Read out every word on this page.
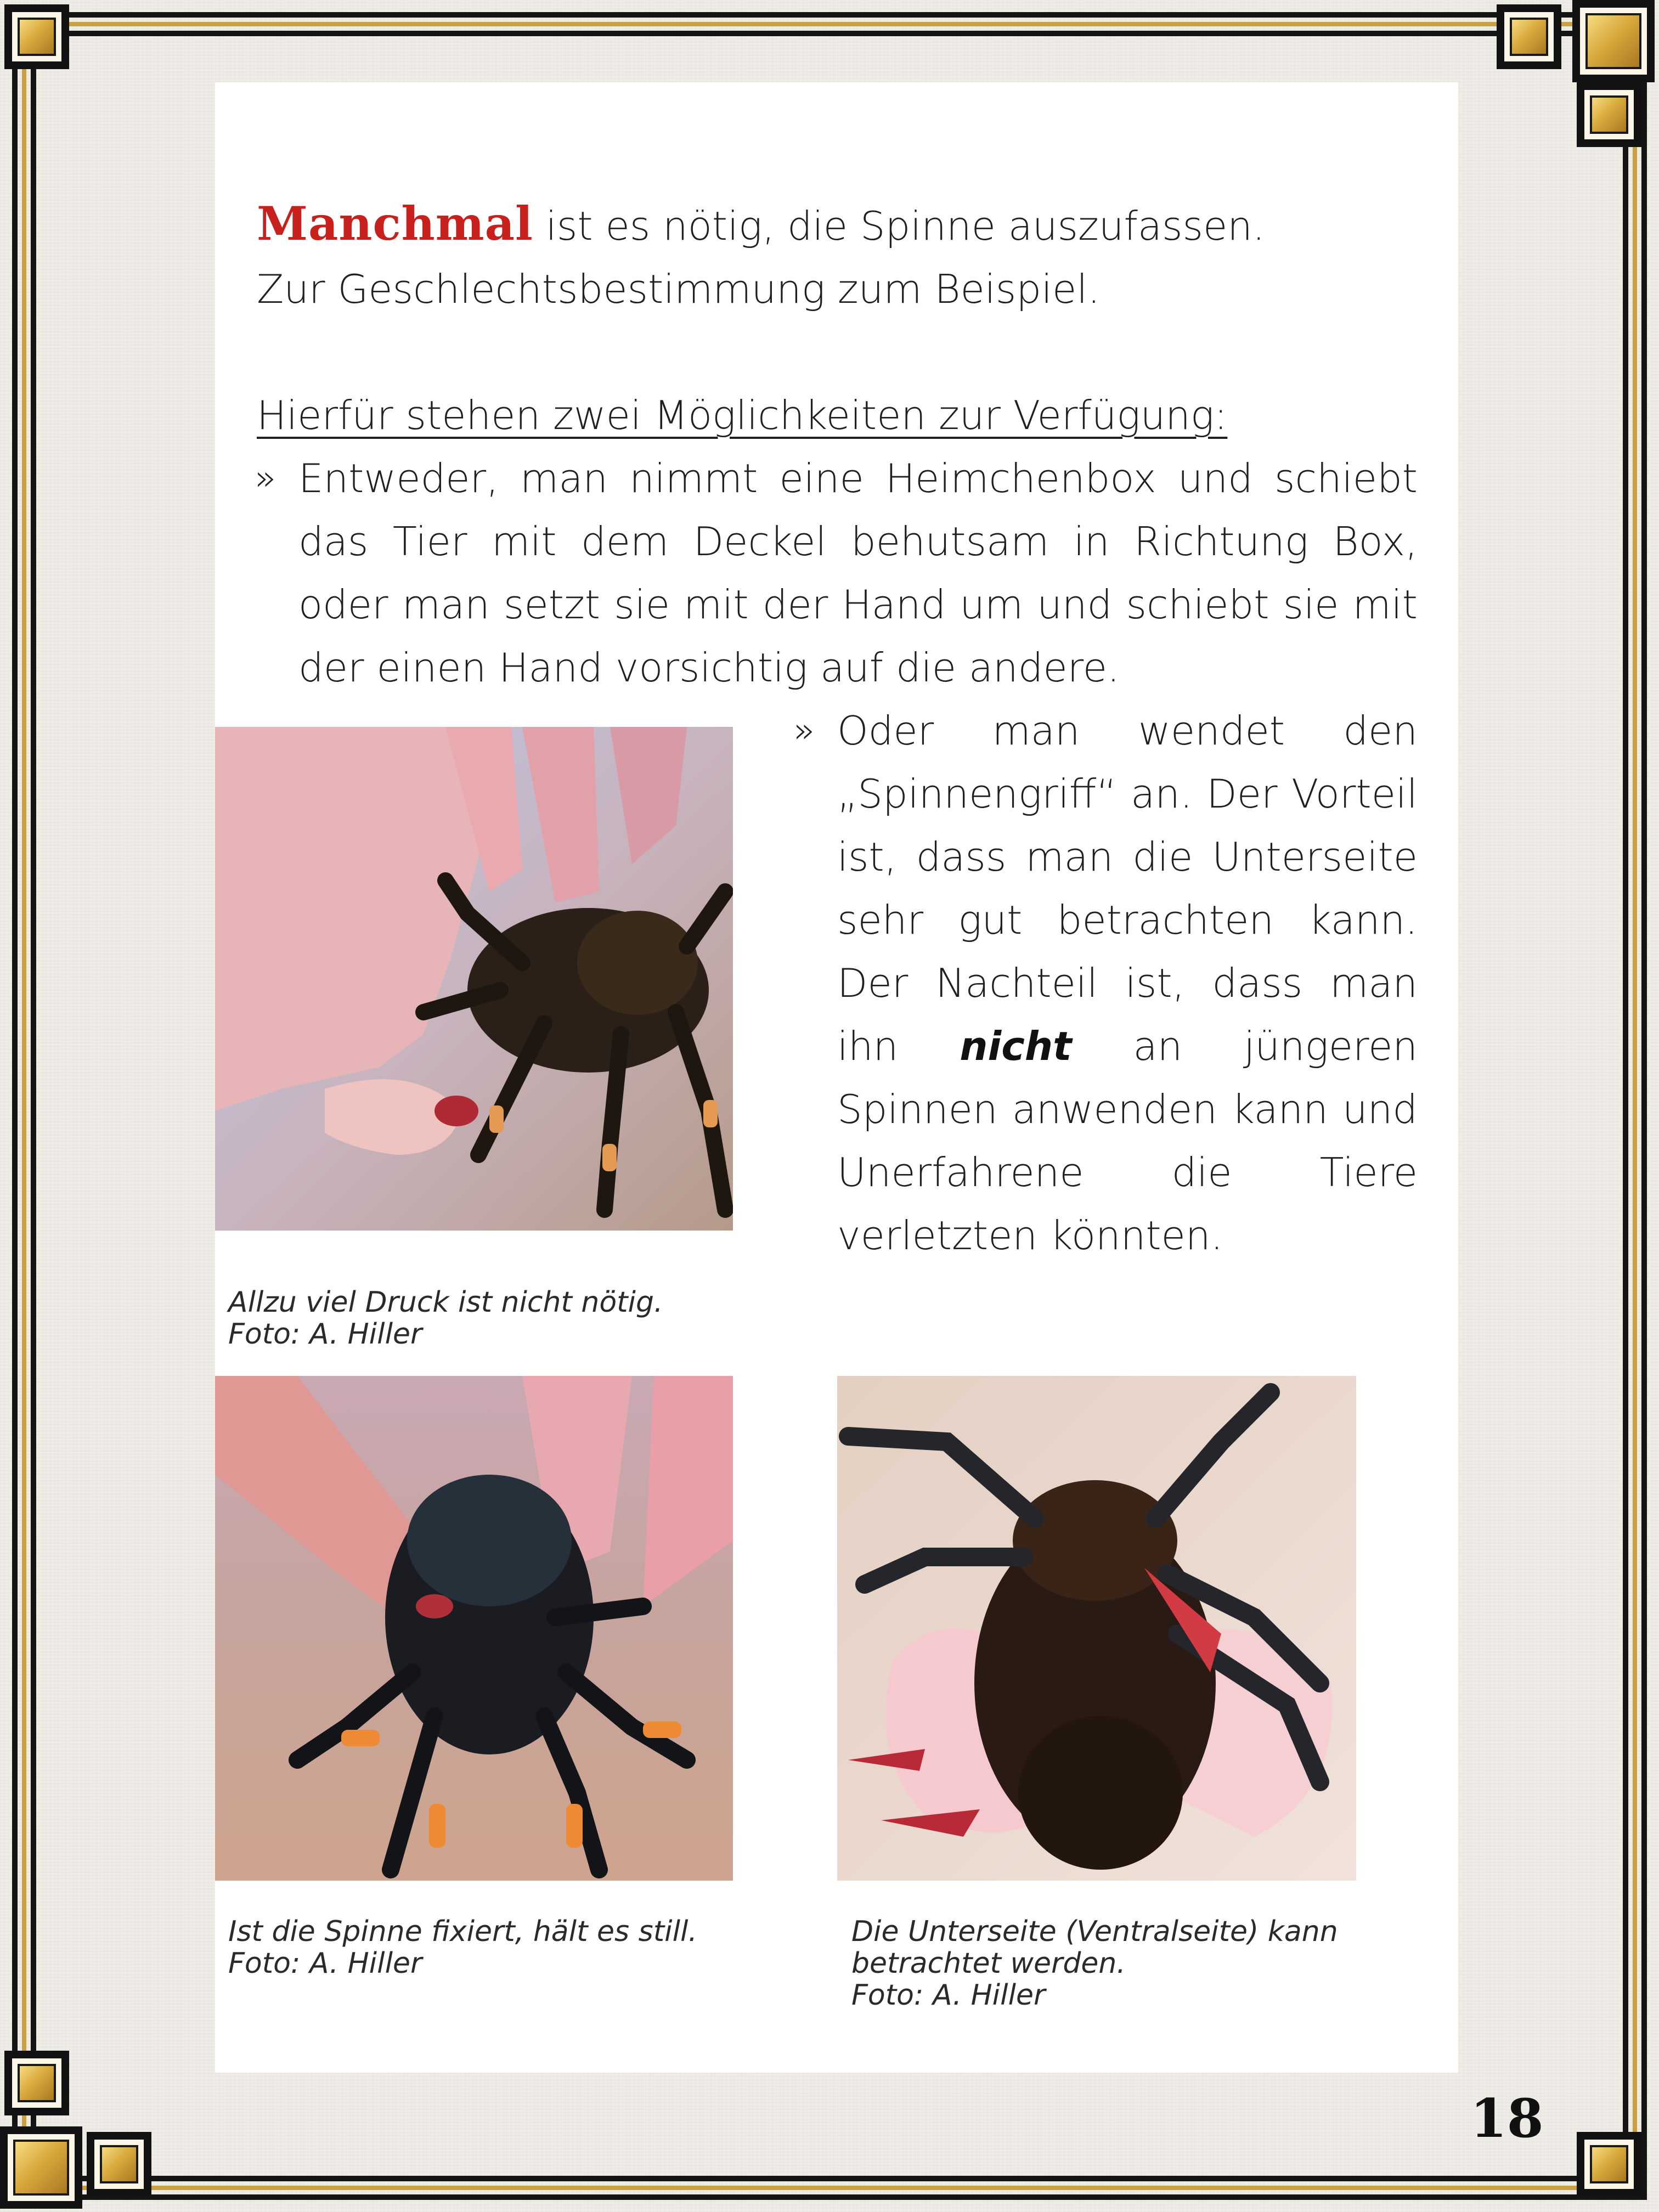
Manchmal ist es nötig, die Spinne auszufassen.
Zur Geschlechtsbestimmung zum Beispiel.
Hierfür stehen zwei Möglichkeiten zur Verfügung:
» Entweder, man nimmt eine Heimchenbox und schiebt das Tier mit dem Deckel behutsam in Richtung Box, oder man setzt sie mit der Hand um und schiebt sie mit der einen Hand vorsichtig auf die andere.
» Oder man wendet den „Spinnengriff“ an. Der Vorteil ist, dass man die Unterseite sehr gut betrachten kann. Der Nachteil ist, dass man ihn nicht an jüngeren Spinnen anwenden kann und Unerfahrene die Tiere verletzten könnten.
Allzu viel Druck ist nicht nötig.
Foto: A. Hiller
Ist die Spinne fixiert, hält es still.
Foto: A. Hiller
Die Unterseite (Ventralseite) kann
betrachtet werden.
Foto: A. Hiller
18
